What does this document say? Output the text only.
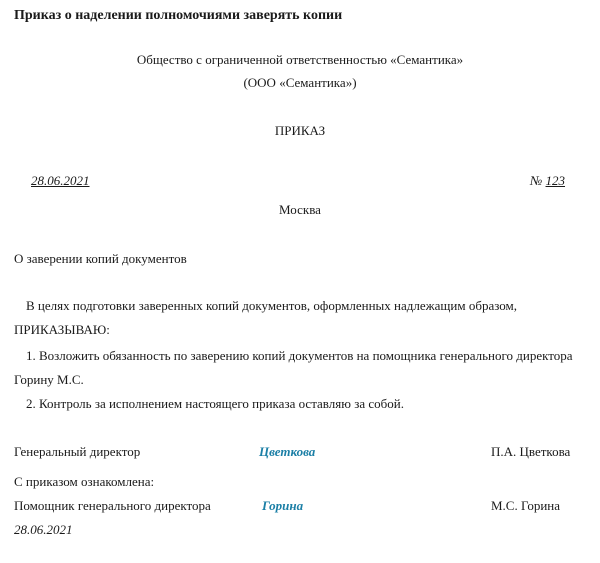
Приказ о наделении полномочиями заверять копии
Общество с ограниченной ответственностью «Семантика»
(ООО «Семантика»)
ПРИКАЗ
28.06.2021	№ 123
Москва
О заверении копий документов
В целях подготовки заверенных копий документов, оформленных надлежащим образом,
ПРИКАЗЫВАЮ:
1. Возложить обязанность по заверению копий документов на помощника генерального директора
Горину М.С.
2. Контроль за исполнением настоящего приказа оставляю за собой.
Генеральный директор	Цветкова	П.А. Цветкова
С приказом ознакомлена:
Помощник генерального директора	Горина	М.С. Горина
28.06.2021
